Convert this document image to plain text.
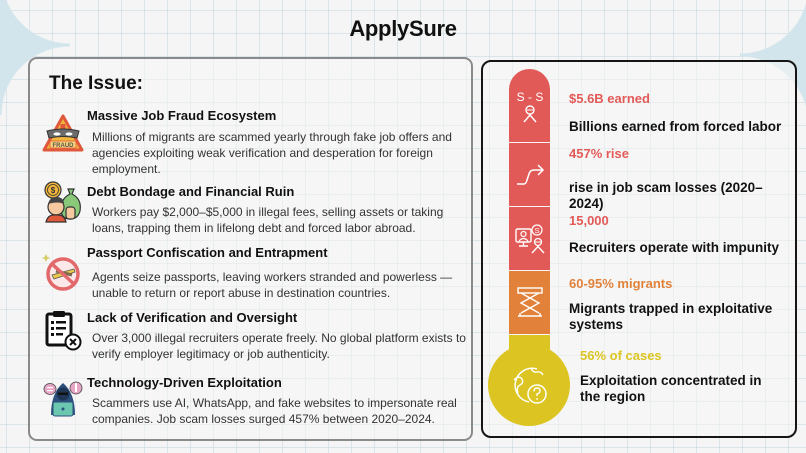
ApplySure
The Issue:
FRAUD
Massive Job Fraud Ecosystem
Millions of migrants are scammed yearly through fake job offers and agencies exploiting weak verification and desperation for foreign employment.
$ Debt Bondage and Financial Ruin
Workers pay $2,000–$5,000 in illegal fees, selling assets or taking loans, trapping them in lifelong debt and forced labor abroad.
Passport Confiscation and Entrapment
Agents seize passports, leaving workers stranded and powerless — unable to return or report abuse in destination countries.
Lack of Verification and Oversight
Over 3,000 illegal recruiters operate freely. No global platform exists to verify employer legitimacy or job authenticity.
Technology-Driven Exploitation
Scammers use AI, WhatsApp, and fake websites to impersonate real companies. Job scam losses surged 457% between 2020–2024.
S - S
S
$5.6B earned
Billions earned from forced labor
457% rise
rise in job scam losses (2020–2024)
15,000
Recruiters operate with impunity
60-95% migrants
Migrants trapped in exploitative systems
56% of cases
Exploitation concentrated in the region
